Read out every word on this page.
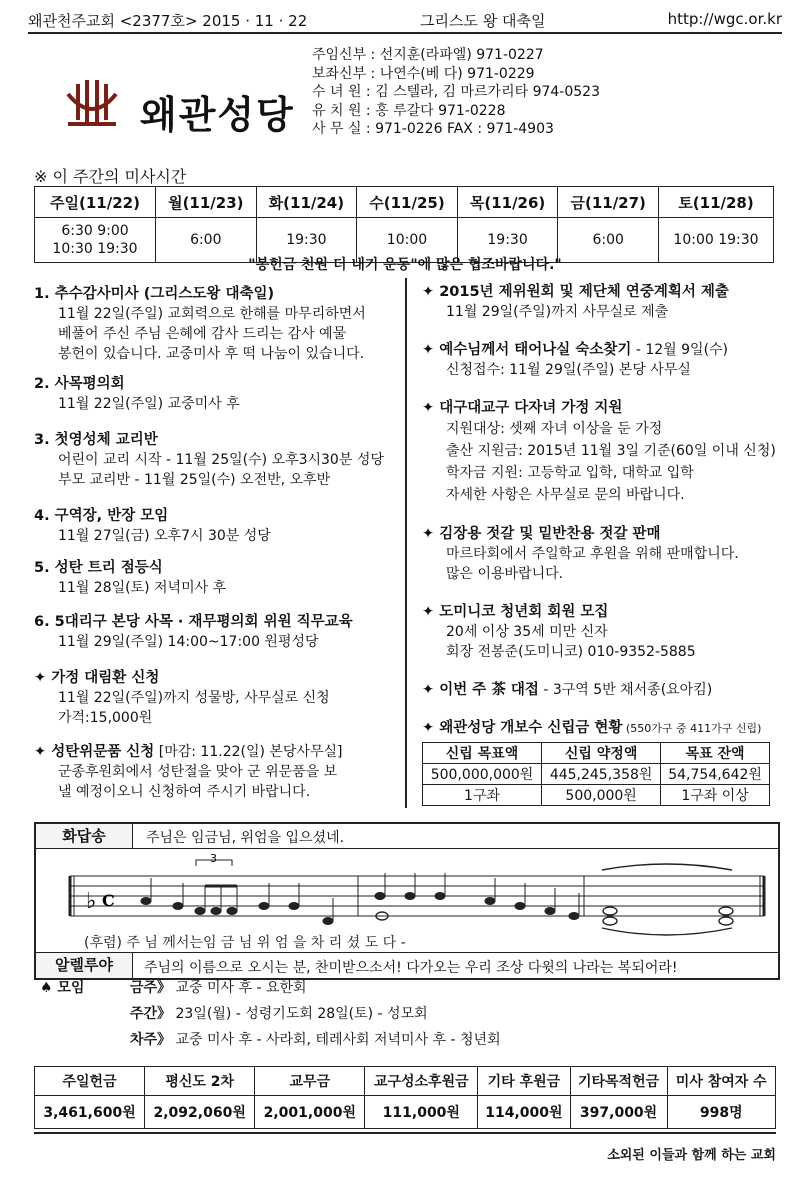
왜관천주교회 <2377호> 2015 · 11 · 22	그리스도 왕 대축일	http://wgc.or.kr
왜관성당
주임신부 : 선지훈(라파엘) 971-0227
보좌신부 : 나연수(베 다) 971-0229
수 녀 원 : 김 스텔라, 김 마르가리타 974-0523
유 치 원 : 홍 루갈다 971-0228
사 무 실 : 971-0226 FAX : 971-4903
※ 이 주간의 미사시간
주일(11/22)	월(11/23)	화(11/24)	수(11/25)	목(11/26)	금(11/27)	토(11/28)

6:30 9:00
10:30 19:30	6:00	19:30	10:00	19:30	6:00	10:00 19:30
"봉헌금 천원 더 내기 운동"에 많은 협조바랍니다."
1. 추수감사미사 (그리스도왕 대축일)
11월 22일(주일) 교회력으로 한해를 마무리하면서
베풀어 주신 주님 은혜에 감사 드리는 감사 예물
봉헌이 있습니다. 교중미사 후 떡 나눔이 있습니다.
2. 사목평의회
11월 22일(주일) 교중미사 후
3. 첫영성체 교리반
어린이 교리 시작 - 11월 25일(수) 오후3시30분 성당
부모 교리반 - 11월 25일(수) 오전반, 오후반
4. 구역장, 반장 모임
11월 27일(금) 오후7시 30분 성당
5. 성탄 트리 점등식
11월 28일(토) 저녁미사 후
6. 5대리구 본당 사목 · 재무평의회 위원 직무교육
11월 29일(주일) 14:00~17:00 원평성당
✦ 가정 대림환 신청
11월 22일(주일)까지 성물방, 사무실로 신청
가격:15,000원
✦ 성탄위문품 신청 [마감: 11.22(일) 본당사무실]
군종후원회에서 성탄절을 맞아 군 위문품을 보
낼 예정이오니 신청하여 주시기 바랍니다.
✦ 2015년 제위원회 및 제단체 연중계획서 제출
11월 29일(주일)까지 사무실로 제출
✦ 예수님께서 태어나실 숙소찾기 - 12월 9일(수)
신청접수: 11월 29일(주일) 본당 사무실
✦ 대구대교구 다자녀 가정 지원
지원대상: 셋째 자녀 이상을 둔 가정
출산 지원금: 2015년 11월 3일 기준(60일 이내 신청)
학자금 지원: 고등학교 입학, 대학교 입학
자세한 사항은 사무실로 문의 바랍니다.
✦ 김장용 젓갈 및 밑반찬용 젓갈 판매
마르타회에서 주일학교 후원을 위해 판매합니다.
많은 이용바랍니다.
✦ 도미니코 청년회 회원 모집
20세 이상 35세 미만 신자
회장 전봉준(도미니코) 010-9352-5885
✦ 이번 주 茶 대접 - 3구역 5반 채서종(요아킴)
✦ 왜관성당 개보수 신립금 현황 (550가구 중 411가구 신립)
신립 목표액	신립 약정액	목표 잔액
500,000,000원	445,245,358원	54,754,642원
1구좌	500,000원	1구좌 이상
화답송	주님은 임금님, 위엄을 입으셨네.
♭ C
3
(후렴) 주 님 께서는임 금 님 위 엄 을 차 리 셨 도 다 -
알렐루야	주님의 이름으로 오시는 분, 찬미받으소서! 다가오는 우리 조상 다윗의 나라는 복되어라!
♠ 모임	금주》 교중 미사 후 - 요한회
주간》 23일(월) - 성령기도회 28일(토) - 성모회
차주》 교중 미사 후 - 사라회, 테레사회 저녁미사 후 - 청년회
주일헌금	평신도 2차	교무금	교구성소후원금	기타 후원금	기타목적헌금	미사 참여자 수
3,461,600원	2,092,060원	2,001,000원	111,000원	114,000원	397,000원	998명
소외된 이들과 함께 하는 교회
